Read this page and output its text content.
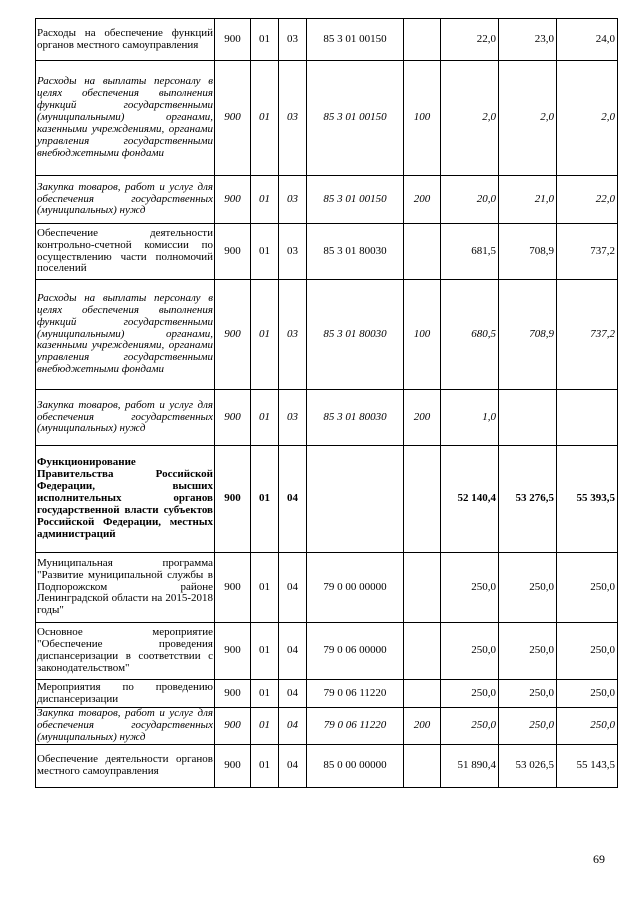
Расходы на обеспечение функций органов местного самоуправления	900	01	03	85 3 01 00150		22,0	23,0	24,0
Расходы на выплаты персоналу в целях обеспечения выполнения функций государственными (муниципальными) органами, казенными учреждениями, органами управления государственными внебюджетными фондами	900	01	03	85 3 01 00150	100	2,0	2,0	2,0
Закупка товаров, работ и услуг для обеспечения государственных (муниципальных) нужд	900	01	03	85 3 01 00150	200	20,0	21,0	22,0
Обеспечение деятельности контрольно-счетной комиссии по осуществлению части полномочий поселений	900	01	03	85 3 01 80030		681,5	708,9	737,2
Расходы на выплаты персоналу в целях обеспечения выполнения функций государственными (муниципальными) органами, казенными учреждениями, органами управления государственными внебюджетными фондами	900	01	03	85 3 01 80030	100	680,5	708,9	737,2
Закупка товаров, работ и услуг для обеспечения государственных (муниципальных) нужд	900	01	03	85 3 01 80030	200	1,0		
Функционирование Правительства Российской Федерации, высших исполнительных органов государственной власти субъектов Российской Федерации, местных администраций	900	01	04			52 140,4	53 276,5	55 393,5
Муниципальная программа "Развитие муниципальной службы в Подпорожском районе Ленинградской области на 2015-2018 годы"	900	01	04	79 0 00 00000		250,0	250,0	250,0
Основное мероприятие "Обеспечение проведения диспансеризации в соответствии с законодательством"	900	01	04	79 0 06 00000		250,0	250,0	250,0
Мероприятия по проведению диспансеризации	900	01	04	79 0 06 11220		250,0	250,0	250,0
Закупка товаров, работ и услуг для обеспечения государственных (муниципальных) нужд	900	01	04	79 0 06 11220	200	250,0	250,0	250,0
Обеспечение деятельности органов местного самоуправления	900	01	04	85 0 00 00000		51 890,4	53 026,5	55 143,5
69
